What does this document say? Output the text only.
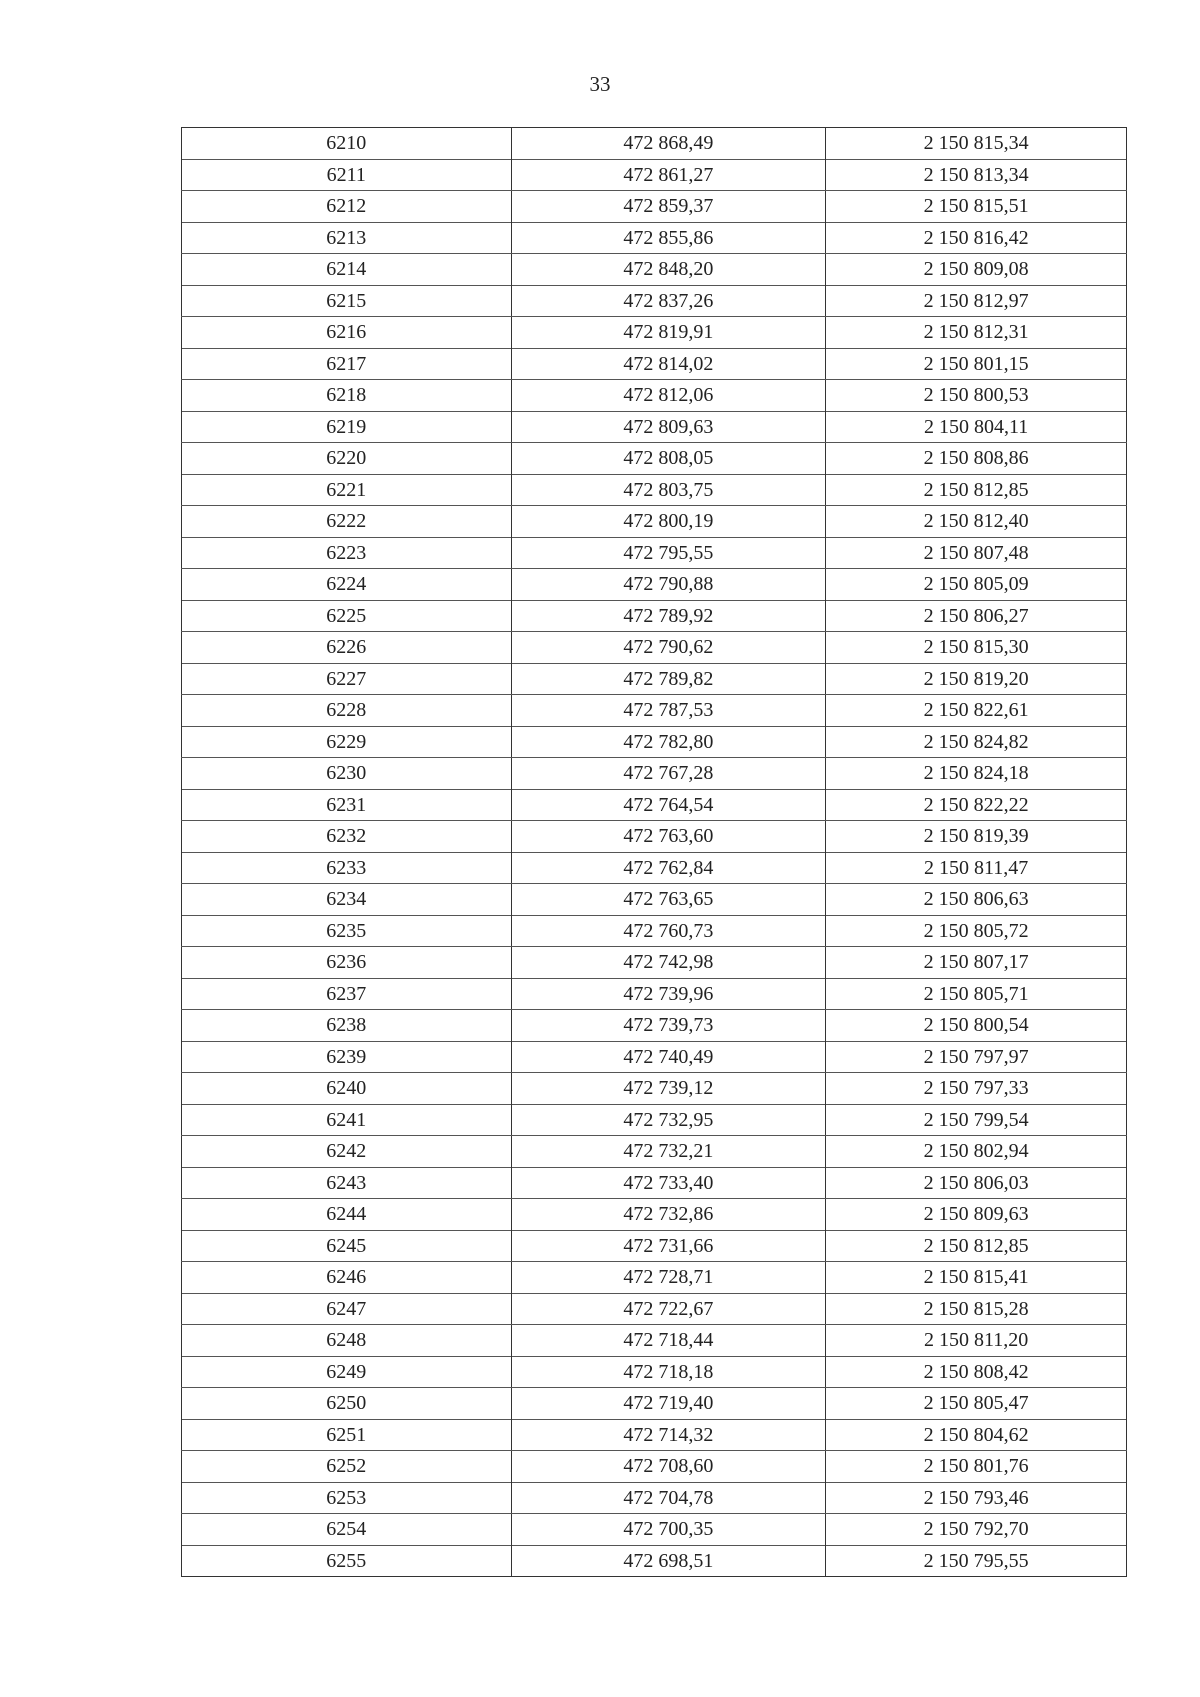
33
6210	472 868,49	2 150 815,34
6211	472 861,27	2 150 813,34
6212	472 859,37	2 150 815,51
6213	472 855,86	2 150 816,42
6214	472 848,20	2 150 809,08
6215	472 837,26	2 150 812,97
6216	472 819,91	2 150 812,31
6217	472 814,02	2 150 801,15
6218	472 812,06	2 150 800,53
6219	472 809,63	2 150 804,11
6220	472 808,05	2 150 808,86
6221	472 803,75	2 150 812,85
6222	472 800,19	2 150 812,40
6223	472 795,55	2 150 807,48
6224	472 790,88	2 150 805,09
6225	472 789,92	2 150 806,27
6226	472 790,62	2 150 815,30
6227	472 789,82	2 150 819,20
6228	472 787,53	2 150 822,61
6229	472 782,80	2 150 824,82
6230	472 767,28	2 150 824,18
6231	472 764,54	2 150 822,22
6232	472 763,60	2 150 819,39
6233	472 762,84	2 150 811,47
6234	472 763,65	2 150 806,63
6235	472 760,73	2 150 805,72
6236	472 742,98	2 150 807,17
6237	472 739,96	2 150 805,71
6238	472 739,73	2 150 800,54
6239	472 740,49	2 150 797,97
6240	472 739,12	2 150 797,33
6241	472 732,95	2 150 799,54
6242	472 732,21	2 150 802,94
6243	472 733,40	2 150 806,03
6244	472 732,86	2 150 809,63
6245	472 731,66	2 150 812,85
6246	472 728,71	2 150 815,41
6247	472 722,67	2 150 815,28
6248	472 718,44	2 150 811,20
6249	472 718,18	2 150 808,42
6250	472 719,40	2 150 805,47
6251	472 714,32	2 150 804,62
6252	472 708,60	2 150 801,76
6253	472 704,78	2 150 793,46
6254	472 700,35	2 150 792,70
6255	472 698,51	2 150 795,55
